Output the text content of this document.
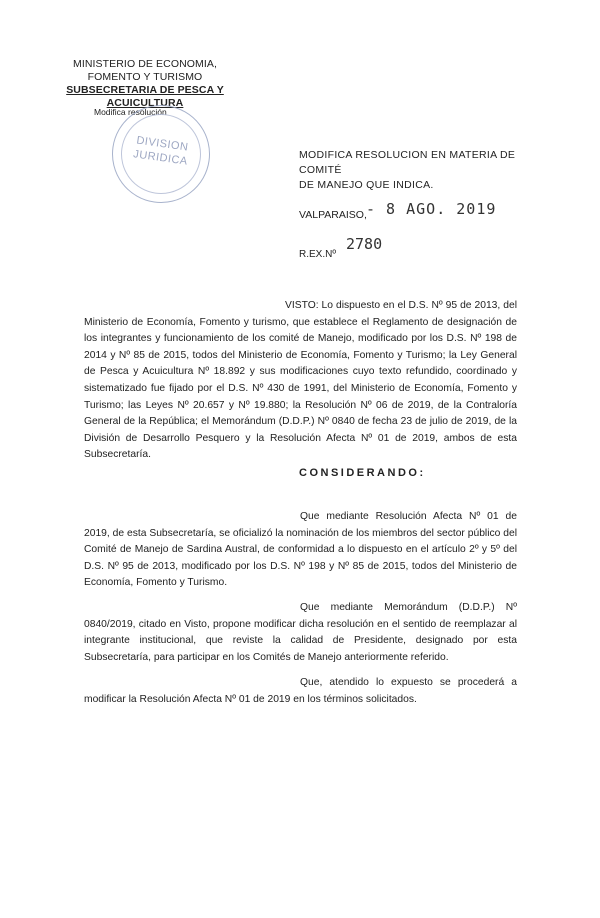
MINISTERIO DE ECONOMIA,
FOMENTO Y TURISMO
SUBSECRETARIA DE PESCA Y ACUICULTURA
Modifica resolución
DIVISION
JURIDICA	MODIFICA RESOLUCION EN MATERIA DE COMITÉ
DE MANEJO QUE INDICA.
VALPARAISO, - 8 AGO. 2019
R.EX.Nº
2780
VISTO: Lo dispuesto en el D.S. Nº 95 de 2013, del Ministerio de Economía, Fomento y turismo, que establece el Reglamento de designación de los integrantes y funcionamiento de los comité de Manejo, modificado por los D.S. Nº 198 de 2014 y Nº 85 de 2015, todos del Ministerio de Economía, Fomento y Turismo; la Ley General de Pesca y Acuicultura Nº 18.892 y sus modificaciones cuyo texto refundido, coordinado y sistematizado fue fijado por el D.S. Nº 430 de 1991, del Ministerio de Economía, Fomento y Turismo; las Leyes Nº 20.657 y Nº 19.880; la Resolución Nº 06 de 2019, de la Contraloría General de la República; el Memorándum (D.D.P.) Nº 0840 de fecha 23 de julio de 2019, de la División de Desarrollo Pesquero y la Resolución Afecta Nº 01 de 2019, ambos de esta Subsecretaría.
CONSIDERANDO:
Que mediante Resolución Afecta Nº 01 de 2019, de esta Subsecretaría, se oficializó la nominación de los miembros del sector público del Comité de Manejo de Sardina Austral, de conformidad a lo dispuesto en el artículo 2º y 5º del D.S. Nº 95 de 2013, modificado por los D.S. Nº 198 y Nº 85 de 2015, todos del Ministerio de Economía, Fomento y Turismo.
Que mediante Memorándum (D.D.P.) Nº 0840/2019, citado en Visto, propone modificar dicha resolución en el sentido de reemplazar al integrante institucional, que reviste la calidad de Presidente, designado por esta Subsecretaría, para participar en los Comités de Manejo anteriormente referido.
Que, atendido lo expuesto se procederá a modificar la Resolución Afecta Nº 01 de 2019 en los términos solicitados.
